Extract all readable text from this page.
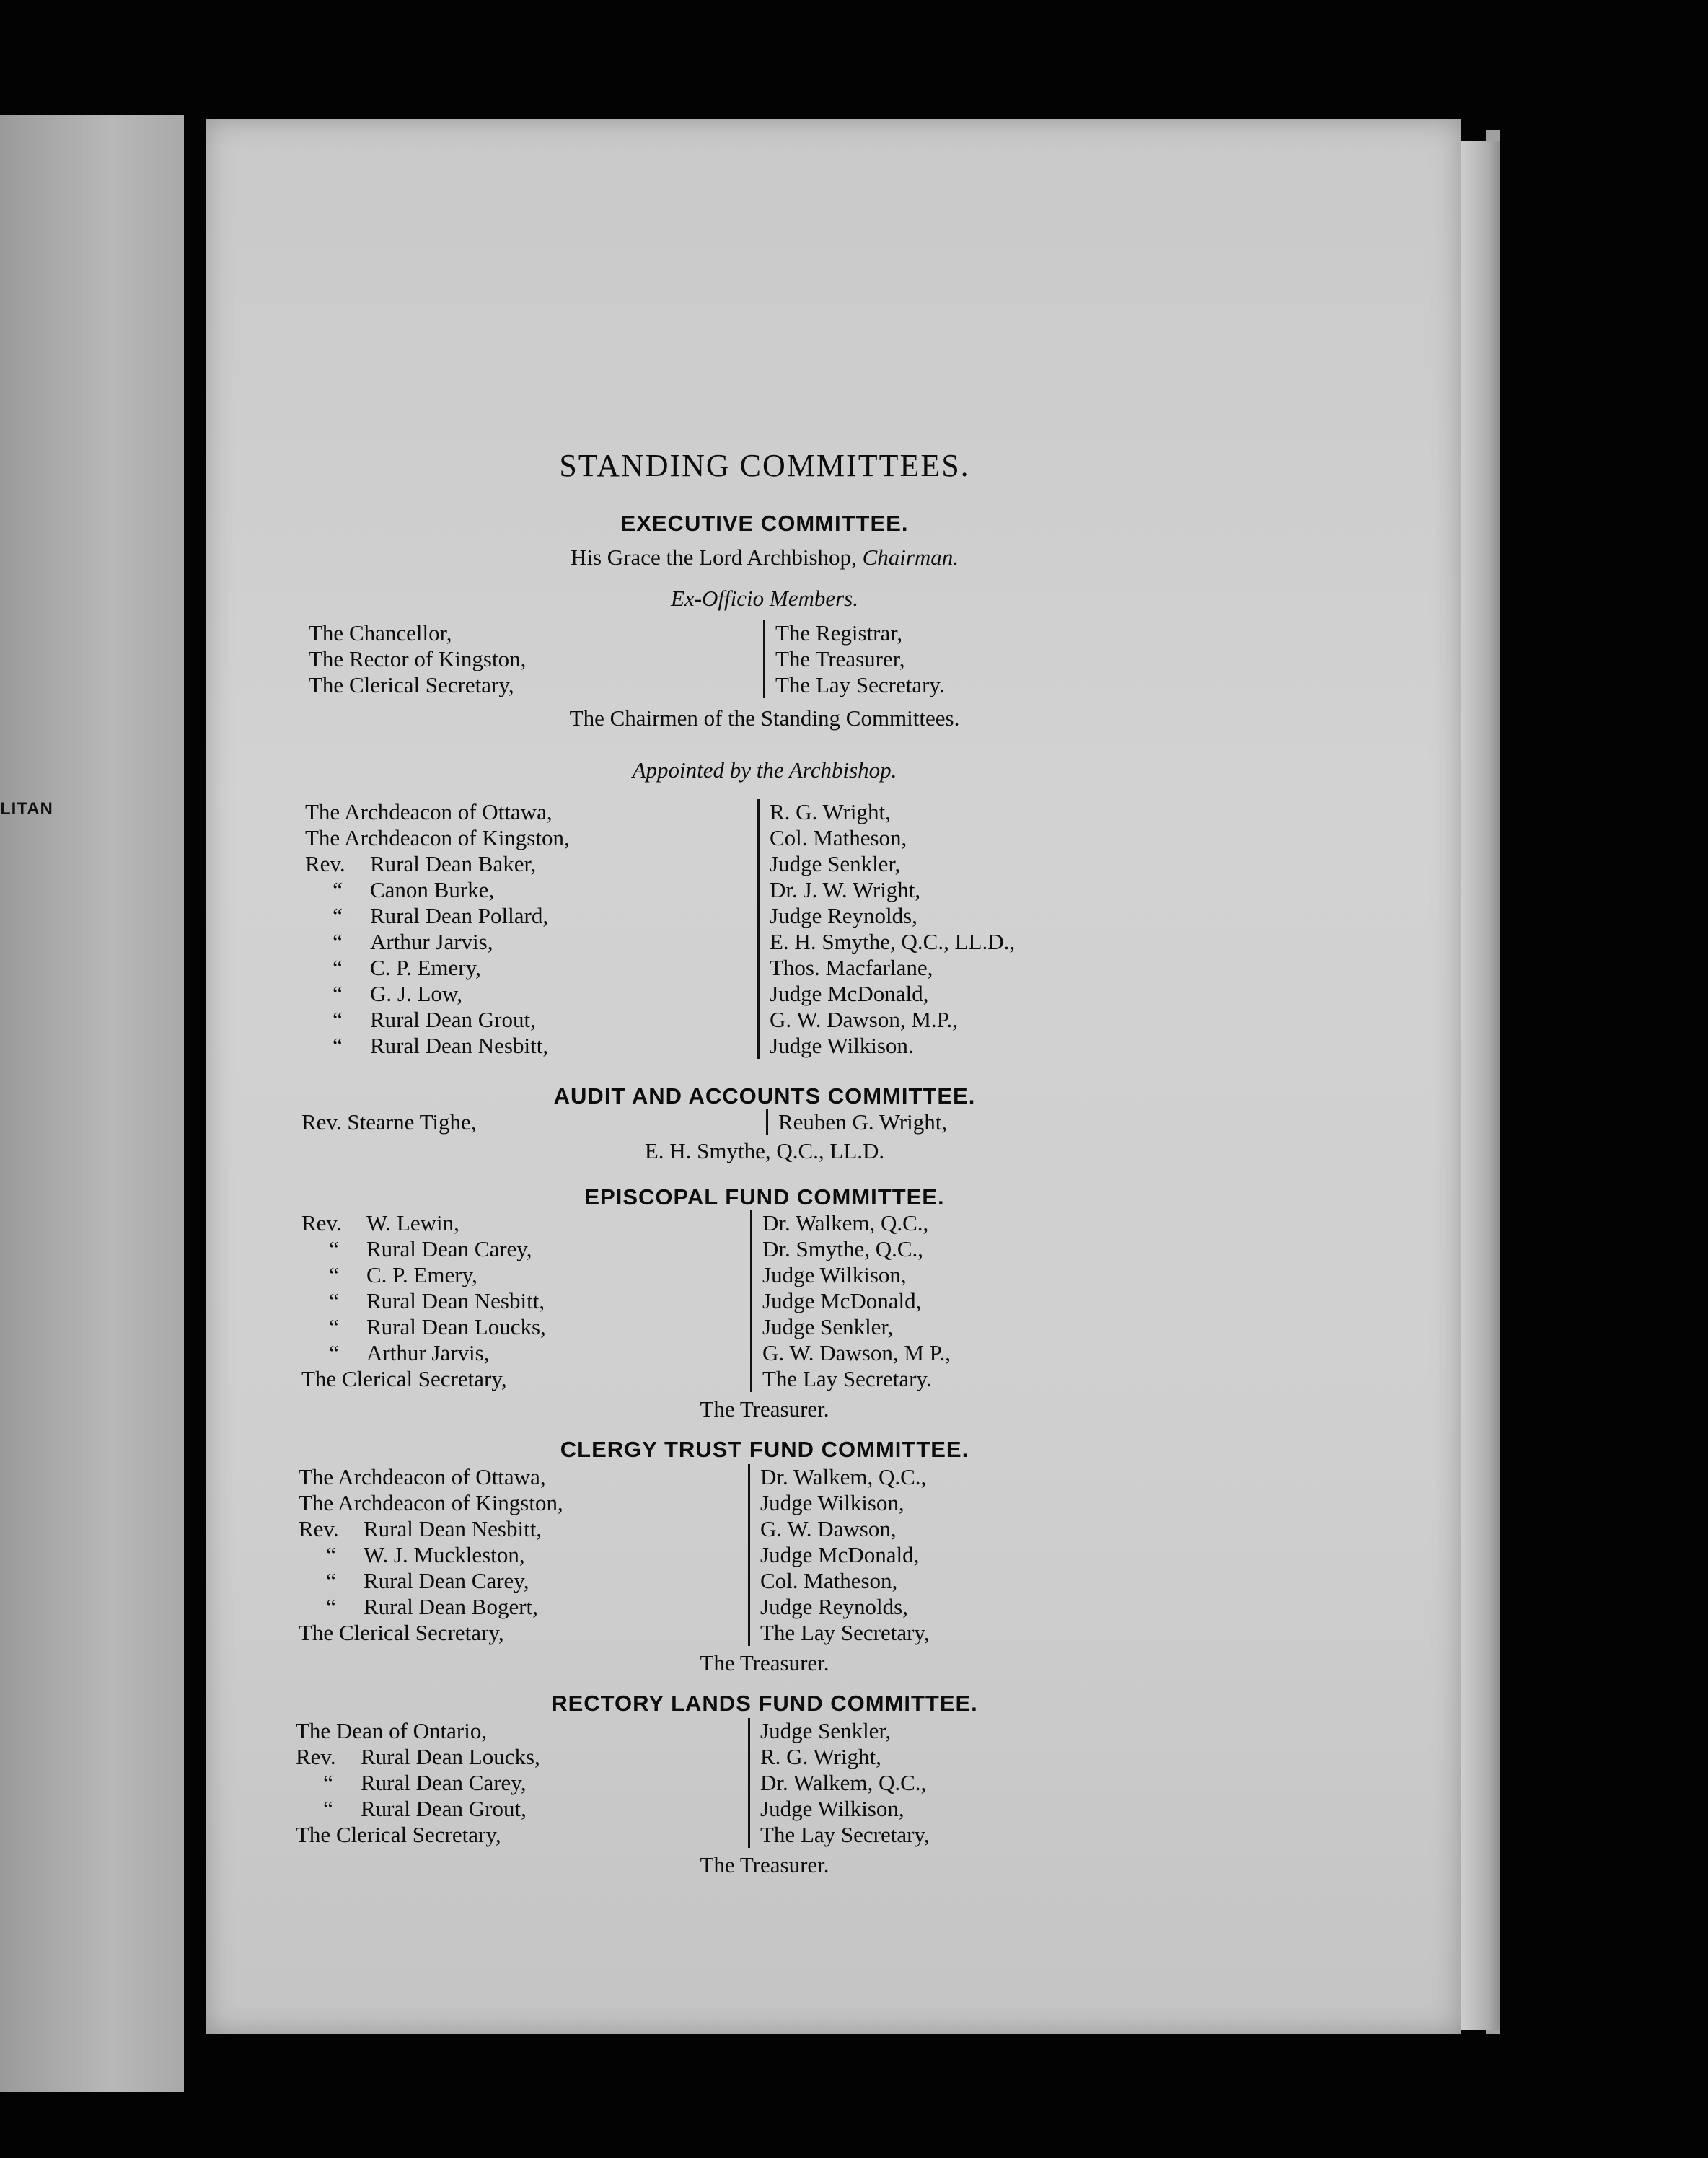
LITAN
STANDING COMMITTEES.
EXECUTIVE COMMITTEE.
His Grace the Lord Archbishop, Chairman.
Ex-Officio Members.
The Chancellor,
The Rector of Kingston,
The Clerical Secretary,
The Registrar,
The Treasurer,
The Lay Secretary.
The Chairmen of the Standing Committees.
Appointed by the Archbishop.
The Archdeacon of Ottawa,
The Archdeacon of Kingston,
Rev. Rural Dean Baker,
“ Canon Burke,
“ Rural Dean Pollard,
“ Arthur Jarvis,
“ C. P. Emery,
“ G. J. Low,
“ Rural Dean Grout,
“ Rural Dean Nesbitt,
R. G. Wright,
Col. Matheson,
Judge Senkler,
Dr. J. W. Wright,
Judge Reynolds,
E. H. Smythe, Q.C., LL.D.,
Thos. Macfarlane,
Judge McDonald,
G. W. Dawson, M.P.,
Judge Wilkison.
AUDIT AND ACCOUNTS COMMITTEE.
Rev. Stearne Tighe,	Reuben G. Wright,
E. H. Smythe, Q.C., LL.D.
EPISCOPAL FUND COMMITTEE.
Rev. W. Lewin,
“ Rural Dean Carey,
“ C. P. Emery,
“ Rural Dean Nesbitt,
“ Rural Dean Loucks,
“ Arthur Jarvis,
The Clerical Secretary,
Dr. Walkem, Q.C.,
Dr. Smythe, Q.C.,
Judge Wilkison,
Judge McDonald,
Judge Senkler,
G. W. Dawson, M P.,
The Lay Secretary.
The Treasurer.
CLERGY TRUST FUND COMMITTEE.
The Archdeacon of Ottawa,
The Archdeacon of Kingston,
Rev. Rural Dean Nesbitt,
“ W. J. Muckleston,
“ Rural Dean Carey,
“ Rural Dean Bogert,
The Clerical Secretary,
Dr. Walkem, Q.C.,
Judge Wilkison,
G. W. Dawson,
Judge McDonald,
Col. Matheson,
Judge Reynolds,
The Lay Secretary,
The Treasurer.
RECTORY LANDS FUND COMMITTEE.
The Dean of Ontario,
Rev. Rural Dean Loucks,
“ Rural Dean Carey,
“ Rural Dean Grout,
The Clerical Secretary,
Judge Senkler,
R. G. Wright,
Dr. Walkem, Q.C.,
Judge Wilkison,
The Lay Secretary,
The Treasurer.
